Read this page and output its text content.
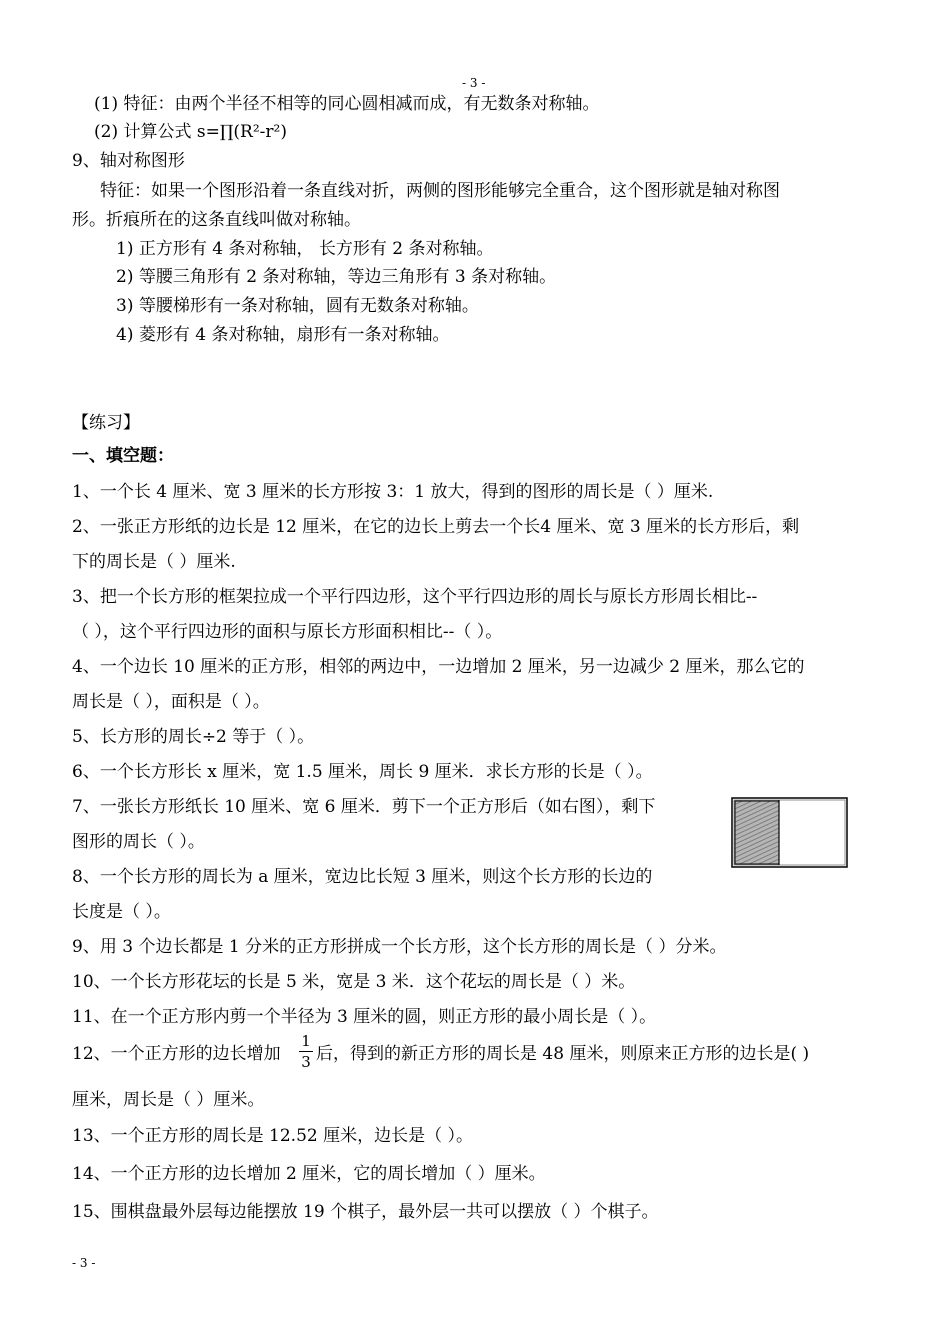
- 3 -
(1) 特征：由两个半径不相等的同心圆相减而成，有无数条对称轴。
(2) 计算公式 s=∏(R²-r²)
9、轴对称图形
特征：如果一个图形沿着一条直线对折，两侧的图形能够完全重合，这个图形就是轴对称图
形。折痕所在的这条直线叫做对称轴。
1) 正方形有 4 条对称轴， 长方形有 2 条对称轴。
2) 等腰三角形有 2 条对称轴，等边三角形有 3 条对称轴。
3) 等腰梯形有一条对称轴，圆有无数条对称轴。
4) 菱形有 4 条对称轴，扇形有一条对称轴。
【练习】
一、填空题：
1、一个长 4 厘米、宽 3 厘米的长方形按 3：1 放大，得到的图形的周长是（ ）厘米.
2、一张正方形纸的边长是 12 厘米，在它的边长上剪去一个长4 厘米、宽 3 厘米的长方形后，剩
下的周长是（ ）厘米.
3、把一个长方形的框架拉成一个平行四边形，这个平行四边形的周长与原长方形周长相比--
（ ），这个平行四边形的面积与原长方形面积相比--（ ）。
4、一个边长 10 厘米的正方形，相邻的两边中，一边增加 2 厘米，另一边减少 2 厘米，那么它的
周长是（ ），面积是（ ）。
5、长方形的周长÷2 等于（ ）。
6、一个长方形长 x 厘米，宽 1.5 厘米，周长 9 厘米．求长方形的长是（ ）。
7、一张长方形纸长 10 厘米、宽 6 厘米．剪下一个正方形后（如右图），剩下
图形的周长（ ）。
8、一个长方形的周长为 a 厘米，宽边比长短 3 厘米，则这个长方形的长边的
长度是（ ）。
9、用 3 个边长都是 1 分米的正方形拼成一个长方形，这个长方形的周长是（ ）分米。
10、一个长方形花坛的长是 5 米，宽是 3 米．这个花坛的周长是（ ）米。
11、在一个正方形内剪一个半径为 3 厘米的圆，则正方形的最小周长是（ ）。
12、一个正方形的边长增加
1
3 后，得到的新正方形的周长是 48 厘米，则原来正方形的边长是( )
厘米，周长是（ ）厘米。
13、一个正方形的周长是 12.52 厘米，边长是（ ）。
14、一个正方形的边长增加 2 厘米，它的周长增加（ ）厘米。
15、围棋盘最外层每边能摆放 19 个棋子，最外层一共可以摆放（ ）个棋子。
- 3 -
